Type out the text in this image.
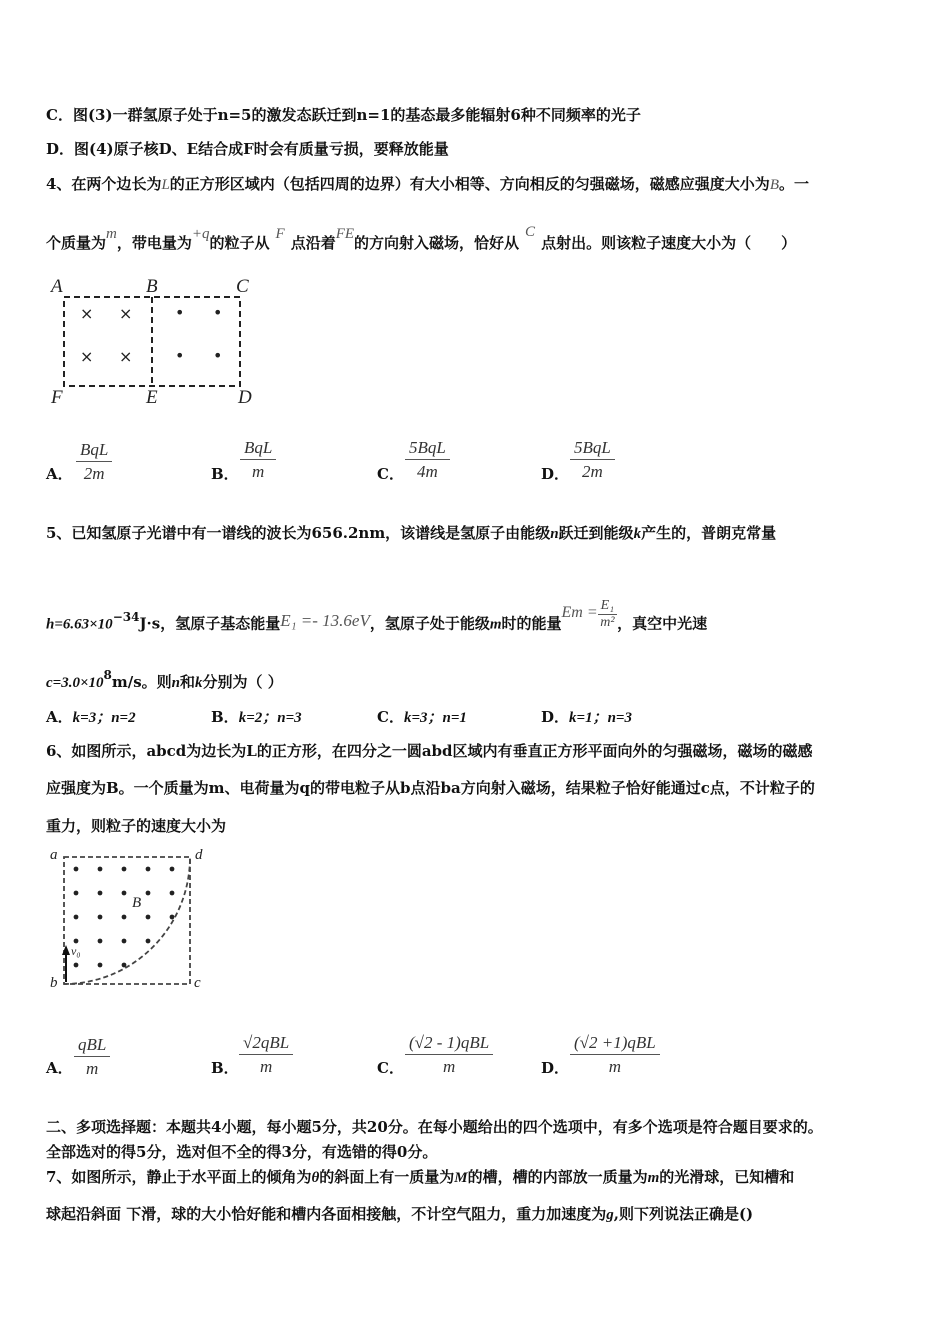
C．图(3)一群氢原子处于n=5的激发态跃迁到n=1的基态最多能辐射6种不同频率的光子
D．图(4)原子核D、E结合成F时会有质量亏损，要释放能量
4、在两个边长为L的正方形区域内（包括四周的边界）有大小相等、方向相反的匀强磁场，磁感应强度大小为B。一
个质量为m，带电量为+q的粒子从 F 点沿着FE的方向射入磁场，恰好从C点射出。则该粒子速度大小为（　　）
A	B	C
F	E	D
× ×
× ×
• •
• •
A．
BqL
2m	B．
BqL
m	C．
5BqL
4m	D．
5BqL
2m
5、已知氢原子光谱中有一谱线的波长为656.2nm，该谱线是氢原子由能级n跃迁到能级k产生的，普朗克常量
$h=6.63\times 10^{-34}J\cdot s$，氢原子基态能量E₁ =- 13.6eV，氢原子处于能级m时的能量$Em = \frac{\text{E₁}}{\text{m²}}$ ，真空中光速
$c=3.0\times 10^8m/s$。则n和k分别为（ ）
A．k=3；n=2	B．k=2；n=3	C．k=3；n=1	D．k=1；n=3
6、如图所示，abcd为边长为L的正方形，在四分之一圆abd区域内有垂直正方形平面向外的匀强磁场，磁场的磁感
应强度为B。一个质量为m、电荷量为q的带电粒子从b点沿ba方向射入磁场，结果粒子恰好能通过c点，不计粒子的
重力，则粒子的速度大小为
a	d
b	c
B
v₀
A．
qBL
m	B．
√2qBL
m	C．
(√2 - 1)qBL
m	D．
(√2 +1)qBL
m
二、多项选择题：本题共4小题，每小题5分，共20分。在每小题给出的四个选项中，有多个选项是符合题目要求的。
全部选对的得5分，选对但不全的得3分，有选错的得0分。
7、如图所示，静止于水平面上的倾角为θ的斜面上有一质量为M的槽，槽的内部放一质量为m的光滑球，已知槽和
球起沿斜面 下滑，球的大小恰好能和槽内各面相接触，不计空气阻力，重力加速度为g,则下列说法正确是()
